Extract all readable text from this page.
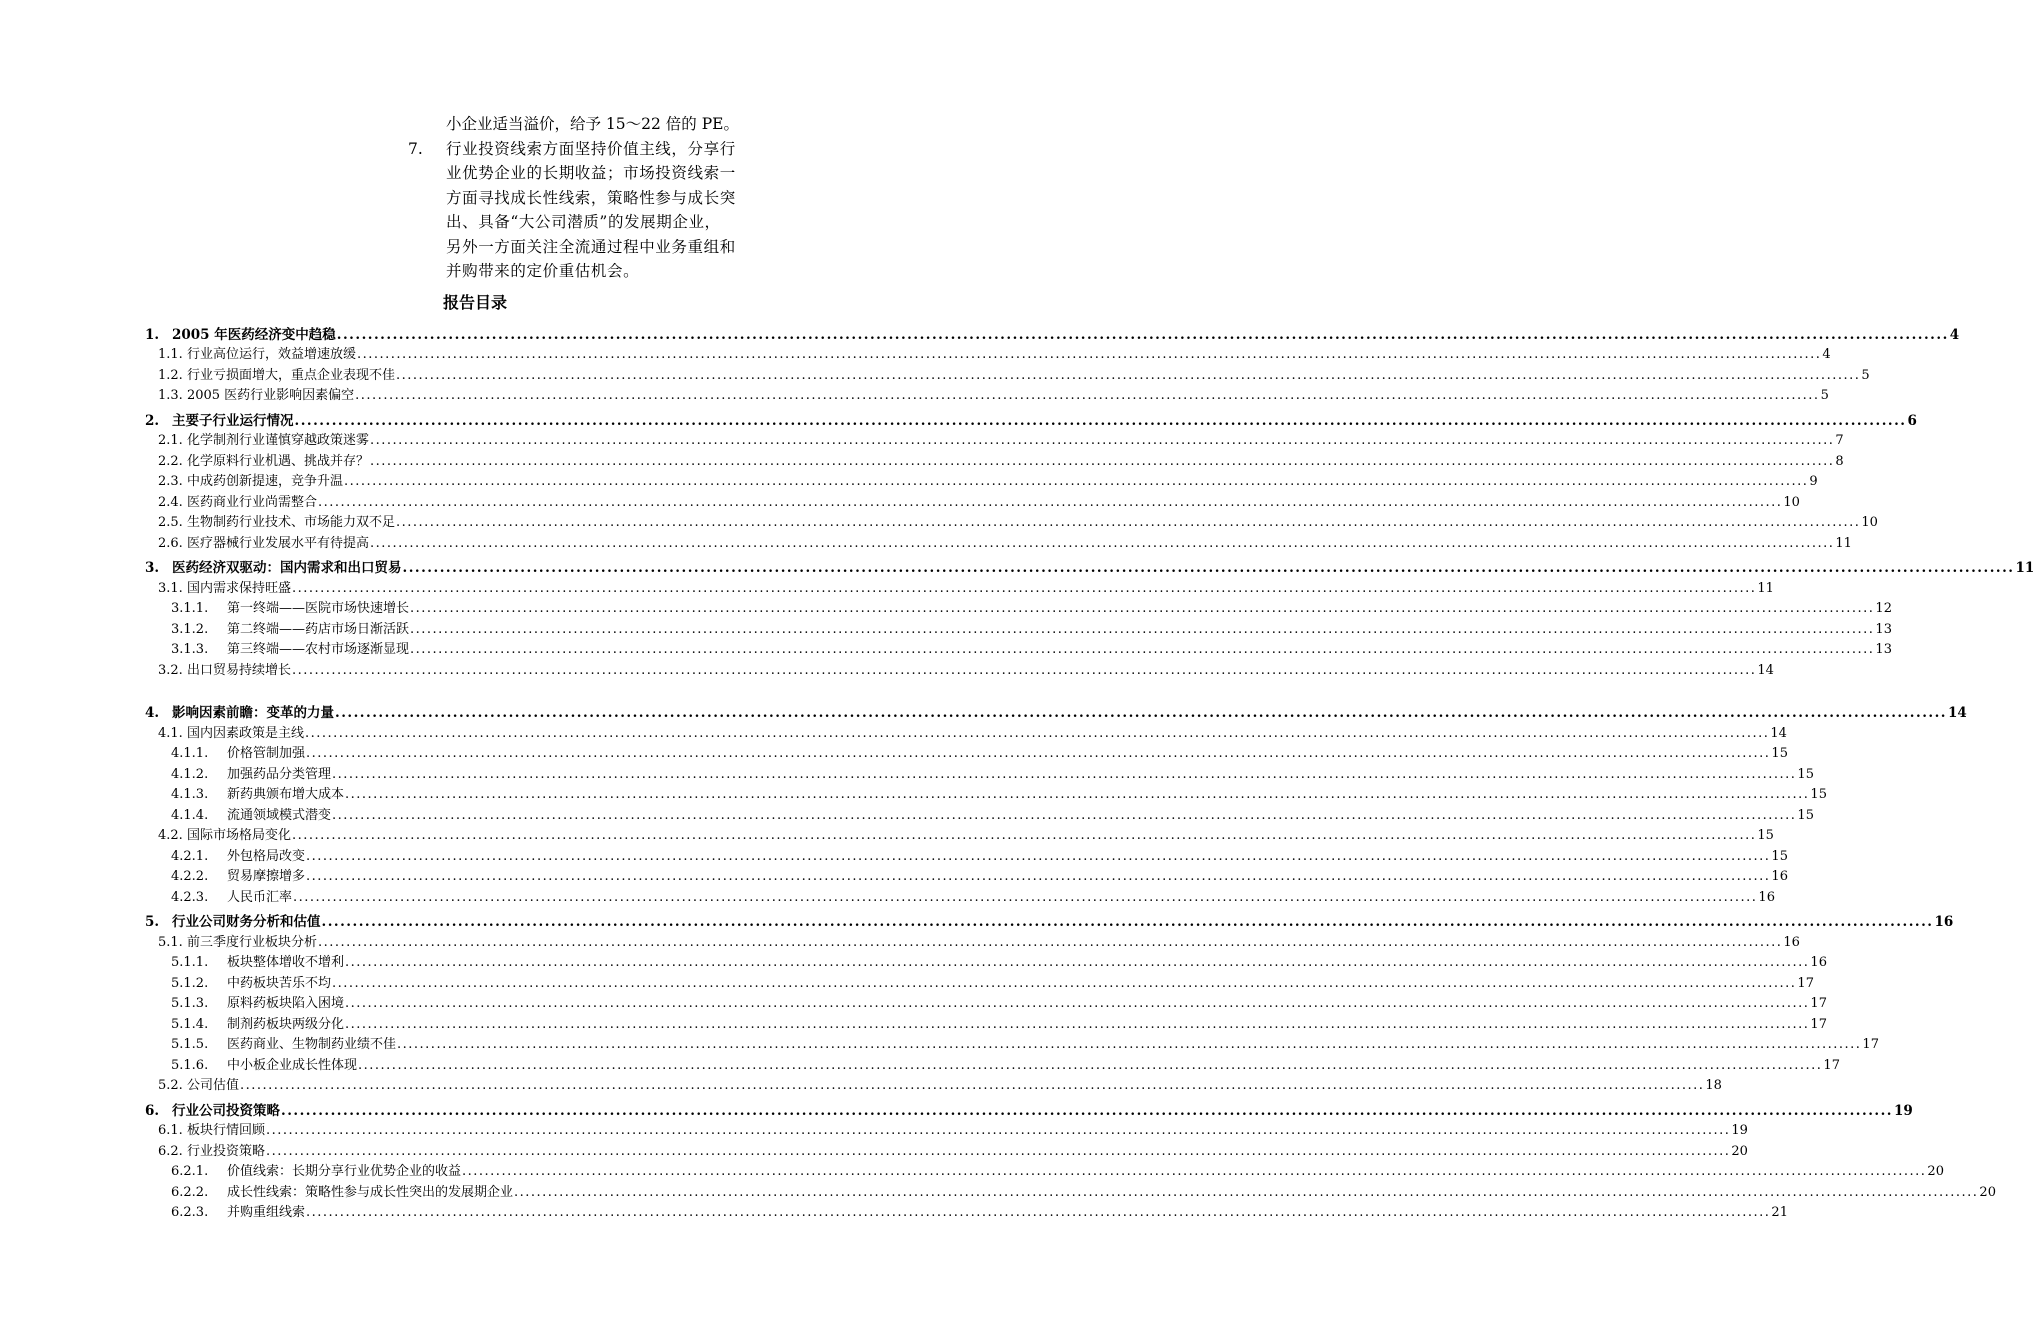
小企业适当溢价，给予 15～22 倍的 PE。
7.	行业投资线索方面坚持价值主线，分享行
业优势企业的长期收益；市场投资线索一
方面寻找成长性线索，策略性参与成长突
出、具备“大公司潜质”的发展期企业，
另外一方面关注全流通过程中业务重组和
并购带来的定价重估机会。
报告目录
1. 2005 年医药经济变中趋稳 .................................................................................................................................................................................................................................................................... 4
1.1. 行业高位运行，效益增速放缓 .................................................................................................................................................................................................................................................................... 4
1.2. 行业亏损面增大，重点企业表现不佳 .................................................................................................................................................................................................................................................................... 5
1.3. 2005 医药行业影响因素偏空 .................................................................................................................................................................................................................................................................... 5
2. 主要子行业运行情况 .................................................................................................................................................................................................................................................................... 6
2.1. 化学制剂行业谨慎穿越政策迷雾 .................................................................................................................................................................................................................................................................... 7
2.2. 化学原料行业机遇、挑战并存？ .................................................................................................................................................................................................................................................................... 8
2.3. 中成药创新提速，竞争升温 .................................................................................................................................................................................................................................................................... 9
2.4. 医药商业行业尚需整合 .................................................................................................................................................................................................................................................................... 10
2.5. 生物制药行业技术、市场能力双不足 .................................................................................................................................................................................................................................................................... 10
2.6. 医疗器械行业发展水平有待提高 .................................................................................................................................................................................................................................................................... 11
3. 医药经济双驱动：国内需求和出口贸易 .................................................................................................................................................................................................................................................................... 11
3.1. 国内需求保持旺盛 .................................................................................................................................................................................................................................................................... 11
3.1.1.	第一终端——医院市场快速增长 .................................................................................................................................................................................................................................................................... 12
3.1.2.	第二终端——药店市场日渐活跃 .................................................................................................................................................................................................................................................................... 13
3.1.3.	第三终端——农村市场逐渐显现 .................................................................................................................................................................................................................................................................... 13
3.2. 出口贸易持续增长 .................................................................................................................................................................................................................................................................... 14
4. 影响因素前瞻：变革的力量 .................................................................................................................................................................................................................................................................... 14
4.1. 国内因素政策是主线 .................................................................................................................................................................................................................................................................... 14
4.1.1.	价格管制加强 .................................................................................................................................................................................................................................................................... 15
4.1.2.	加强药品分类管理 .................................................................................................................................................................................................................................................................... 15
4.1.3.	新药典颁布增大成本 .................................................................................................................................................................................................................................................................... 15
4.1.4.	流通领域模式潜变 .................................................................................................................................................................................................................................................................... 15
4.2. 国际市场格局变化 .................................................................................................................................................................................................................................................................... 15
4.2.1.	外包格局改变 .................................................................................................................................................................................................................................................................... 15
4.2.2.	贸易摩擦增多 .................................................................................................................................................................................................................................................................... 16
4.2.3.	人民币汇率 .................................................................................................................................................................................................................................................................... 16
5. 行业公司财务分析和估值 .................................................................................................................................................................................................................................................................... 16
5.1. 前三季度行业板块分析 .................................................................................................................................................................................................................................................................... 16
5.1.1.	板块整体增收不增利 .................................................................................................................................................................................................................................................................... 16
5.1.2.	中药板块苦乐不均 .................................................................................................................................................................................................................................................................... 17
5.1.3.	原料药板块陷入困境 .................................................................................................................................................................................................................................................................... 17
5.1.4.	制剂药板块两级分化 .................................................................................................................................................................................................................................................................... 17
5.1.5.	医药商业、生物制药业绩不佳 .................................................................................................................................................................................................................................................................... 17
5.1.6.	中小板企业成长性体现 .................................................................................................................................................................................................................................................................... 17
5.2. 公司估值 .................................................................................................................................................................................................................................................................... 18
6. 行业公司投资策略 .................................................................................................................................................................................................................................................................... 19
6.1. 板块行情回顾 .................................................................................................................................................................................................................................................................... 19
6.2. 行业投资策略 .................................................................................................................................................................................................................................................................... 20
6.2.1.	价值线索：长期分享行业优势企业的收益 .................................................................................................................................................................................................................................................................... 20
6.2.2.	成长性线索：策略性参与成长性突出的发展期企业 .................................................................................................................................................................................................................................................................... 20
6.2.3.	并购重组线索 .................................................................................................................................................................................................................................................................... 21
